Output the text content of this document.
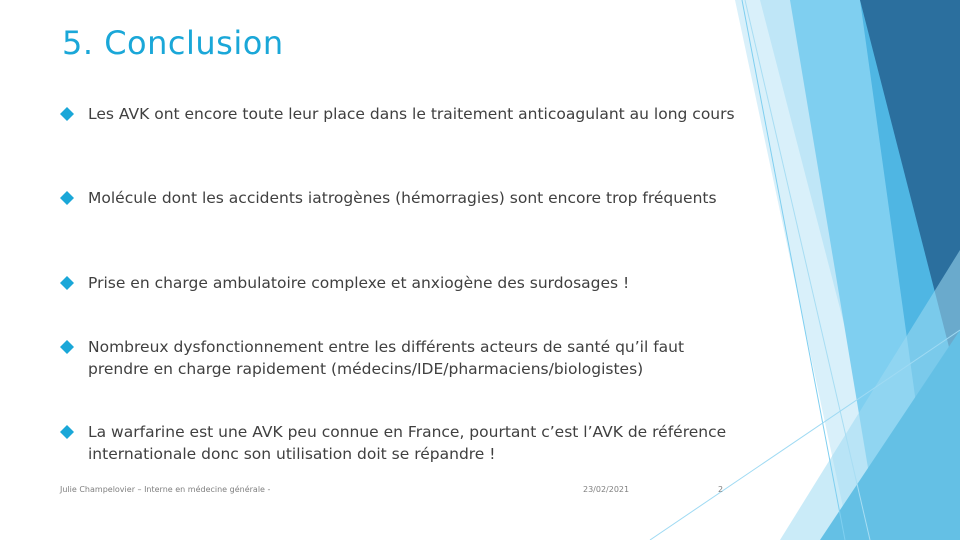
5. Conclusion
Les AVK ont encore toute leur place dans le traitement anticoagulant au long cours
Molécule dont les accidents iatrogènes (hémorragies) sont encore trop fréquents
Prise en charge ambulatoire complexe et anxiogène des surdosages !
Nombreux dysfonctionnement entre les différents acteurs de santé qu’il faut prendre en charge rapidement (médecins/IDE/pharmaciens/biologistes)
La warfarine est une AVK peu connue en France, pourtant c’est l’AVK de référence internationale donc son utilisation doit se répandre !
Julie Champelovier – Interne en médecine générale -	23/02/2021	2
